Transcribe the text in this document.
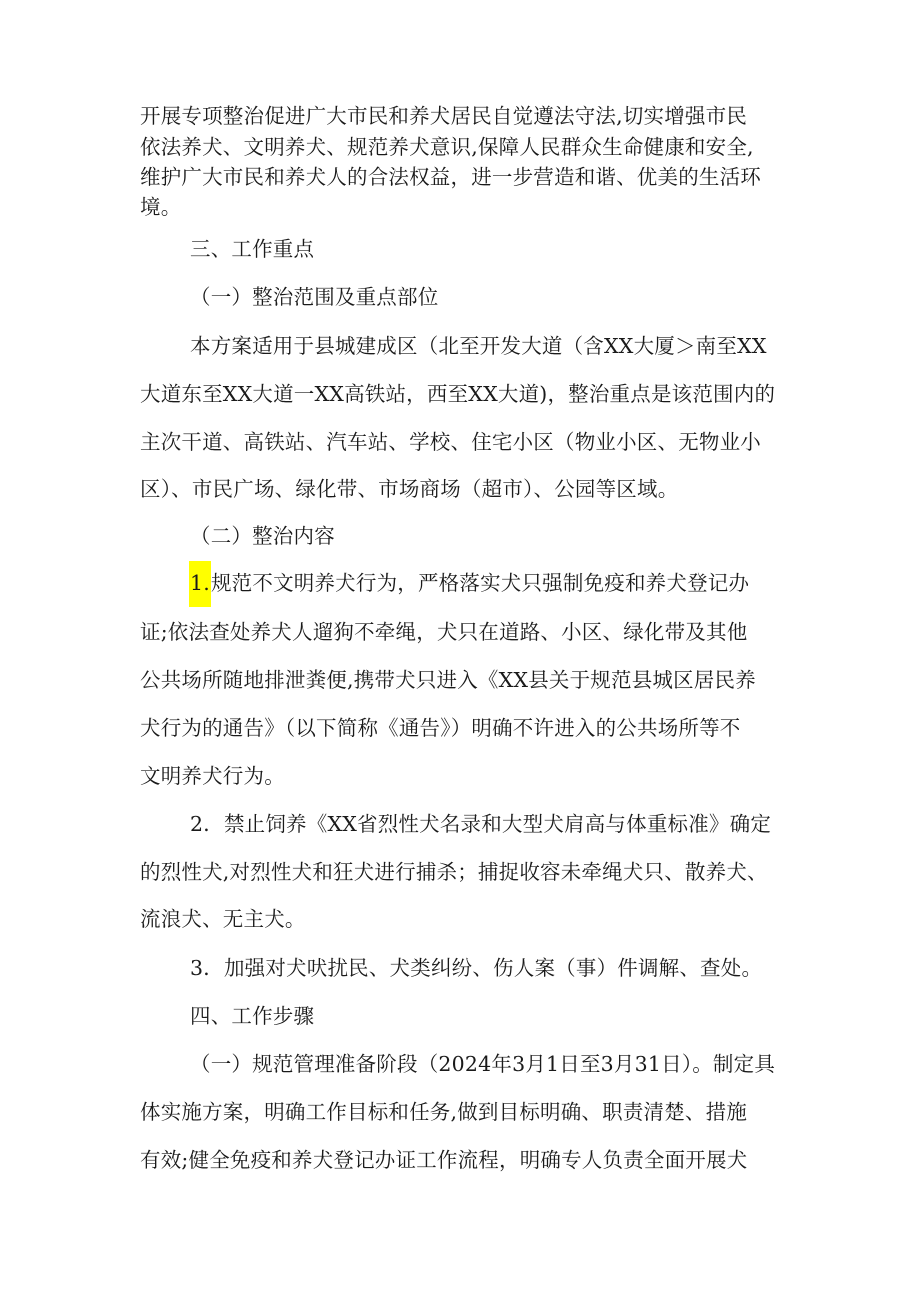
开展专项整治促进广大市民和养犬居民自觉遵法守法,切实增强市民
依法养犬、文明养犬、规范养犬意识,保障人民群众生命健康和安全,
维护广大市民和养犬人的合法权益，进一步营造和谐、优美的生活环
境。
三、工作重点
（一）整治范围及重点部位
本方案适用于县城建成区（北至开发大道（含XX大厦＞南至XX
大道东至XX大道一XX高铁站，西至XX大道)，整治重点是该范围内的
主次干道、高铁站、汽车站、学校、住宅小区（物业小区、无物业小
区）、市民广场、绿化带、市场商场（超市）、公园等区域。
（二）整治内容
1.规范不文明养犬行为，严格落实犬只强制免疫和养犬登记办
证;依法查处养犬人遛狗不牵绳，犬只在道路、小区、绿化带及其他
公共场所随地排泄粪便,携带犬只进入《XX县关于规范县城区居民养
犬行为的通告》（以下简称《通告》）明确不许进入的公共场所等不
文明养犬行为。
2．禁止饲养《XX省烈性犬名录和大型犬肩高与体重标准》确定
的烈性犬,对烈性犬和狂犬进行捕杀；捕捉收容未牵绳犬只、散养犬、
流浪犬、无主犬。
3．加强对犬吠扰民、犬类纠纷、伤人案（事）件调解、查处。
四、工作步骤
（一）规范管理准备阶段（2024年3月1日至3月31日）。制定具
体实施方案，明确工作目标和任务,做到目标明确、职责清楚、措施
有效;健全免疫和养犬登记办证工作流程，明确专人负责全面开展犬
